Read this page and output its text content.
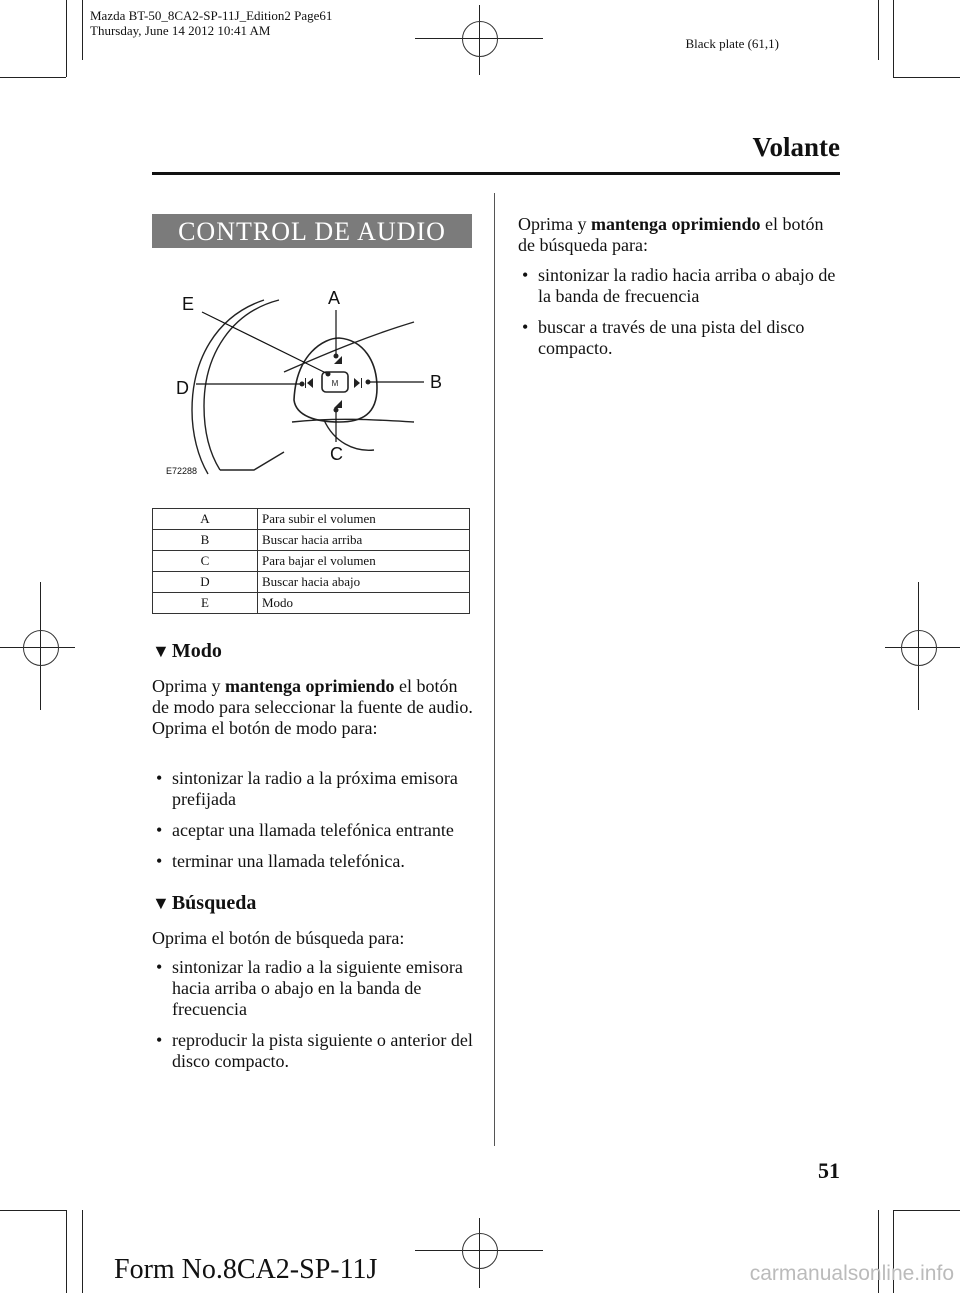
Mazda BT-50_8CA2-SP-11J_Edition2 Page61
Thursday, June 14 2012 10:41 AM
Black plate (61,1)
Volante
CONTROL DE AUDIO
M
A
B
C
D
E
E72288
A	Para subir el volumen
B	Buscar hacia arriba
C	Para bajar el volumen
D	Buscar hacia abajo
E	Modo
▼ Modo
Oprima y mantenga oprimiendo el botón de modo para seleccionar la fuente de audio.
Oprima el botón de modo para:
• sintonizar la radio a la próxima emisora prefijada
• aceptar una llamada telefónica entrante
• terminar una llamada telefónica.
▼ Búsqueda
Oprima el botón de búsqueda para:
• sintonizar la radio a la siguiente emisora hacia arriba o abajo en la banda de frecuencia
• reproducir la pista siguiente o anterior del disco compacto.
Oprima y mantenga oprimiendo el botón de búsqueda para:
• sintonizar la radio hacia arriba o abajo de la banda de frecuencia
• buscar a través de una pista del disco compacto.
51
Form No.8CA2-SP-11J	carmanualsonline.info
